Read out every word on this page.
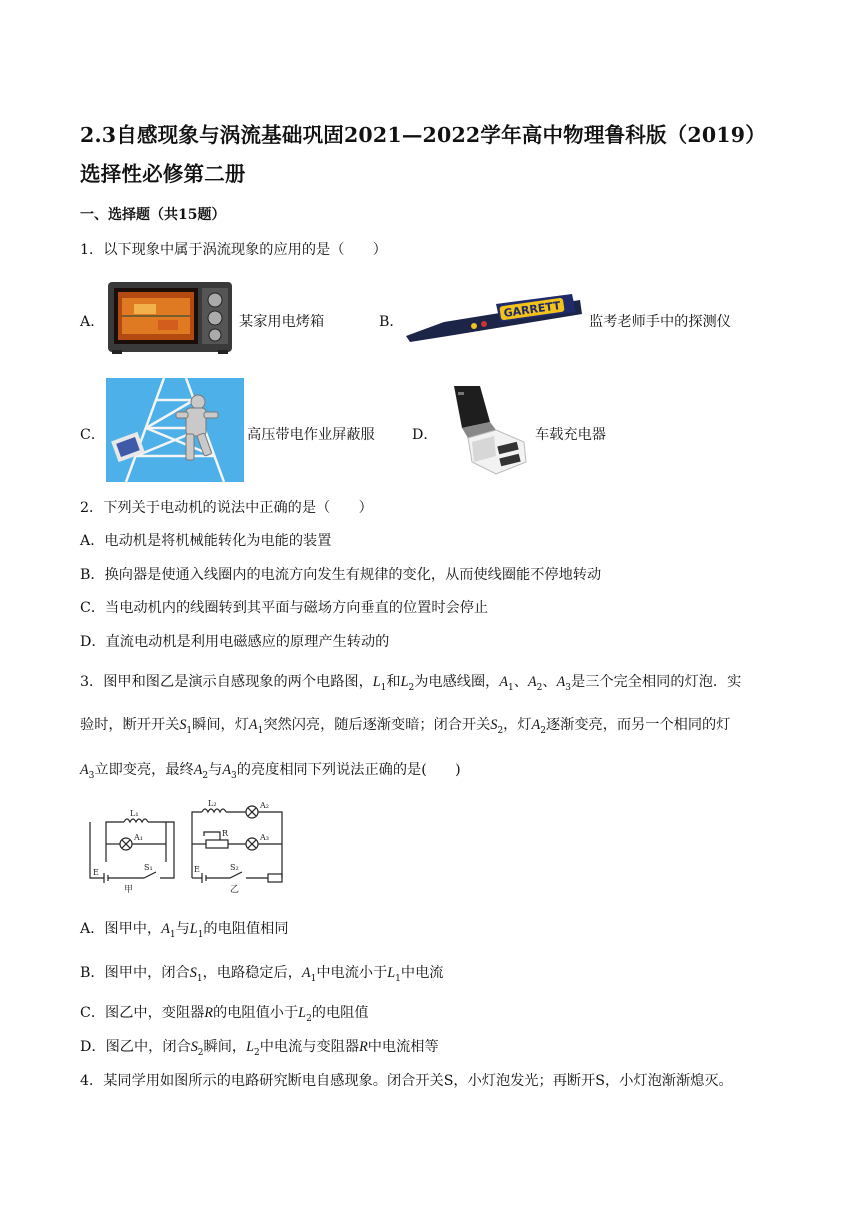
2.3自感现象与涡流基础巩固2021—2022学年高中物理鲁科版（2019）
选择性必修第二册
一、选择题（共15题）
1．以下现象中属于涡流现象的应用的是（　　）
A．	某家用电烤箱	B．
GARRETT
监考老师手中的探测仪
C．	高压带电作业屏蔽服	D．	车载充电器
2．下列关于电动机的说法中正确的是（　　）
A．电动机是将机械能转化为电能的装置
B．换向器是使通入线圈内的电流方向发生有规律的变化，从而使线圈能不停地转动
C．当电动机内的线圈转到其平面与磁场方向垂直的位置时会停止
D．直流电动机是利用电磁感应的原理产生转动的
3．图甲和图乙是演示自感现象的两个电路图，$L_1$和$L_2$为电感线圈，$A_1$、$A_2$、$A_3$是三个完全相同的灯泡．实
验时，断开开关$S_1$瞬间，灯$A_1$突然闪亮，随后逐渐变暗；闭合开关$S_2$，灯$A_2$逐渐变亮，而另一个相同的灯
$A_3$立即变亮，最终$A_2$与$A_3$的亮度相同下列说法正确的是(　　)
L₁
A₁
E
S₁
甲
L₂	A₂
R	A₃
E	S₂
乙
A．图甲中，$A_1$与$L_1$的电阻值相同
B．图甲中，闭合$S_1$，电路稳定后，$A_1$中电流小于$L_1$中电流
C．图乙中，变阻器R的电阻值小于$L_2$的电阻值
D．图乙中，闭合$S_2$瞬间，$L_2$中电流与变阻器R中电流相等
4．某同学用如图所示的电路研究断电自感现象。闭合开关S，小灯泡发光；再断开S，小灯泡渐渐熄灭。
